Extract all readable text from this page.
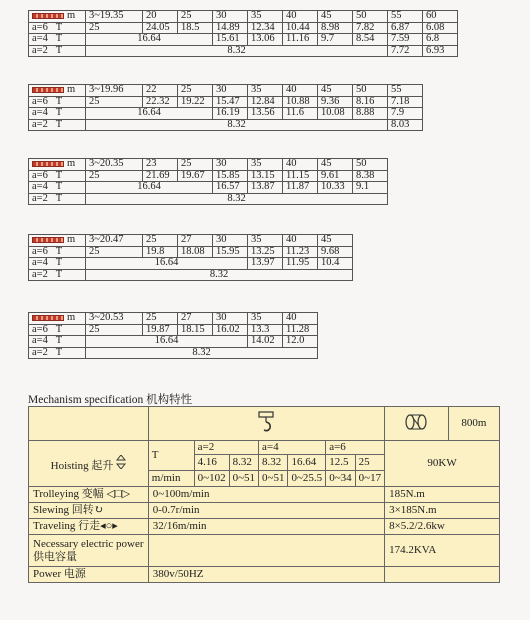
m	3~19.35	20	25	30	35	40	45	50	55	60
a=6 T	25	24.05	18.5	14.89	12.34	10.44	8.98	7.82	6.87	6.08
a=4 T	16.64			15.61	13.06	11.16	9.7	8.54	7.59	6.8
a=2 T	8.32								7.72	6.93
m	3~19.96	22	25	30	35	40	45	50	55
a=6 T	25	22.32	19.22	15.47	12.84	10.88	9.36	8.16	7.18
a=4 T	16.64			16.19	13.56	11.6	10.08	8.88	7.9
a=2 T	8.32								8.03
m	3~20.35	23	25	30	35	40	45	50
a=6 T	25	21.69	19.67	15.85	13.15	11.15	9.61	8.38
a=4 T	16.64			16.57	13.87	11.87	10.33	9.1
a=2 T	8.32							
m	3~20.47	25	27	30	35	40	45
a=6 T	25	19.8	18.08	15.95	13.25	11.23	9.68
a=4 T	16.64				13.97	11.95	10.4
a=2 T	8.32						
m	3~20.53	25	27	30	35	40
a=6 T	25	19.87	18.15	16.02	13.3	11.28
a=4 T	16.64				14.02	12.0
a=2 T	8.32					
Mechanism specification 机构特性
			800m
Hoisting 起升	T	a=2		a=4		a=6		90KW	
		4.16	8.32	8.32	16.64	12.5	25		
	m/min	0~102	0~51	0~51	0~25.5	0~34	0~17		
Trolleying 变幅 ◁□▷	0~100m/min							185N.m	
Slewing 回转↻	0-0.7r/min							3×185N.m	
Traveling 行走◂○▸	32/16m/min							8×5.2/2.6kw	
Necessary electric power 供电容量								174.2KVA	
Power 电源	380v/50HZ								
